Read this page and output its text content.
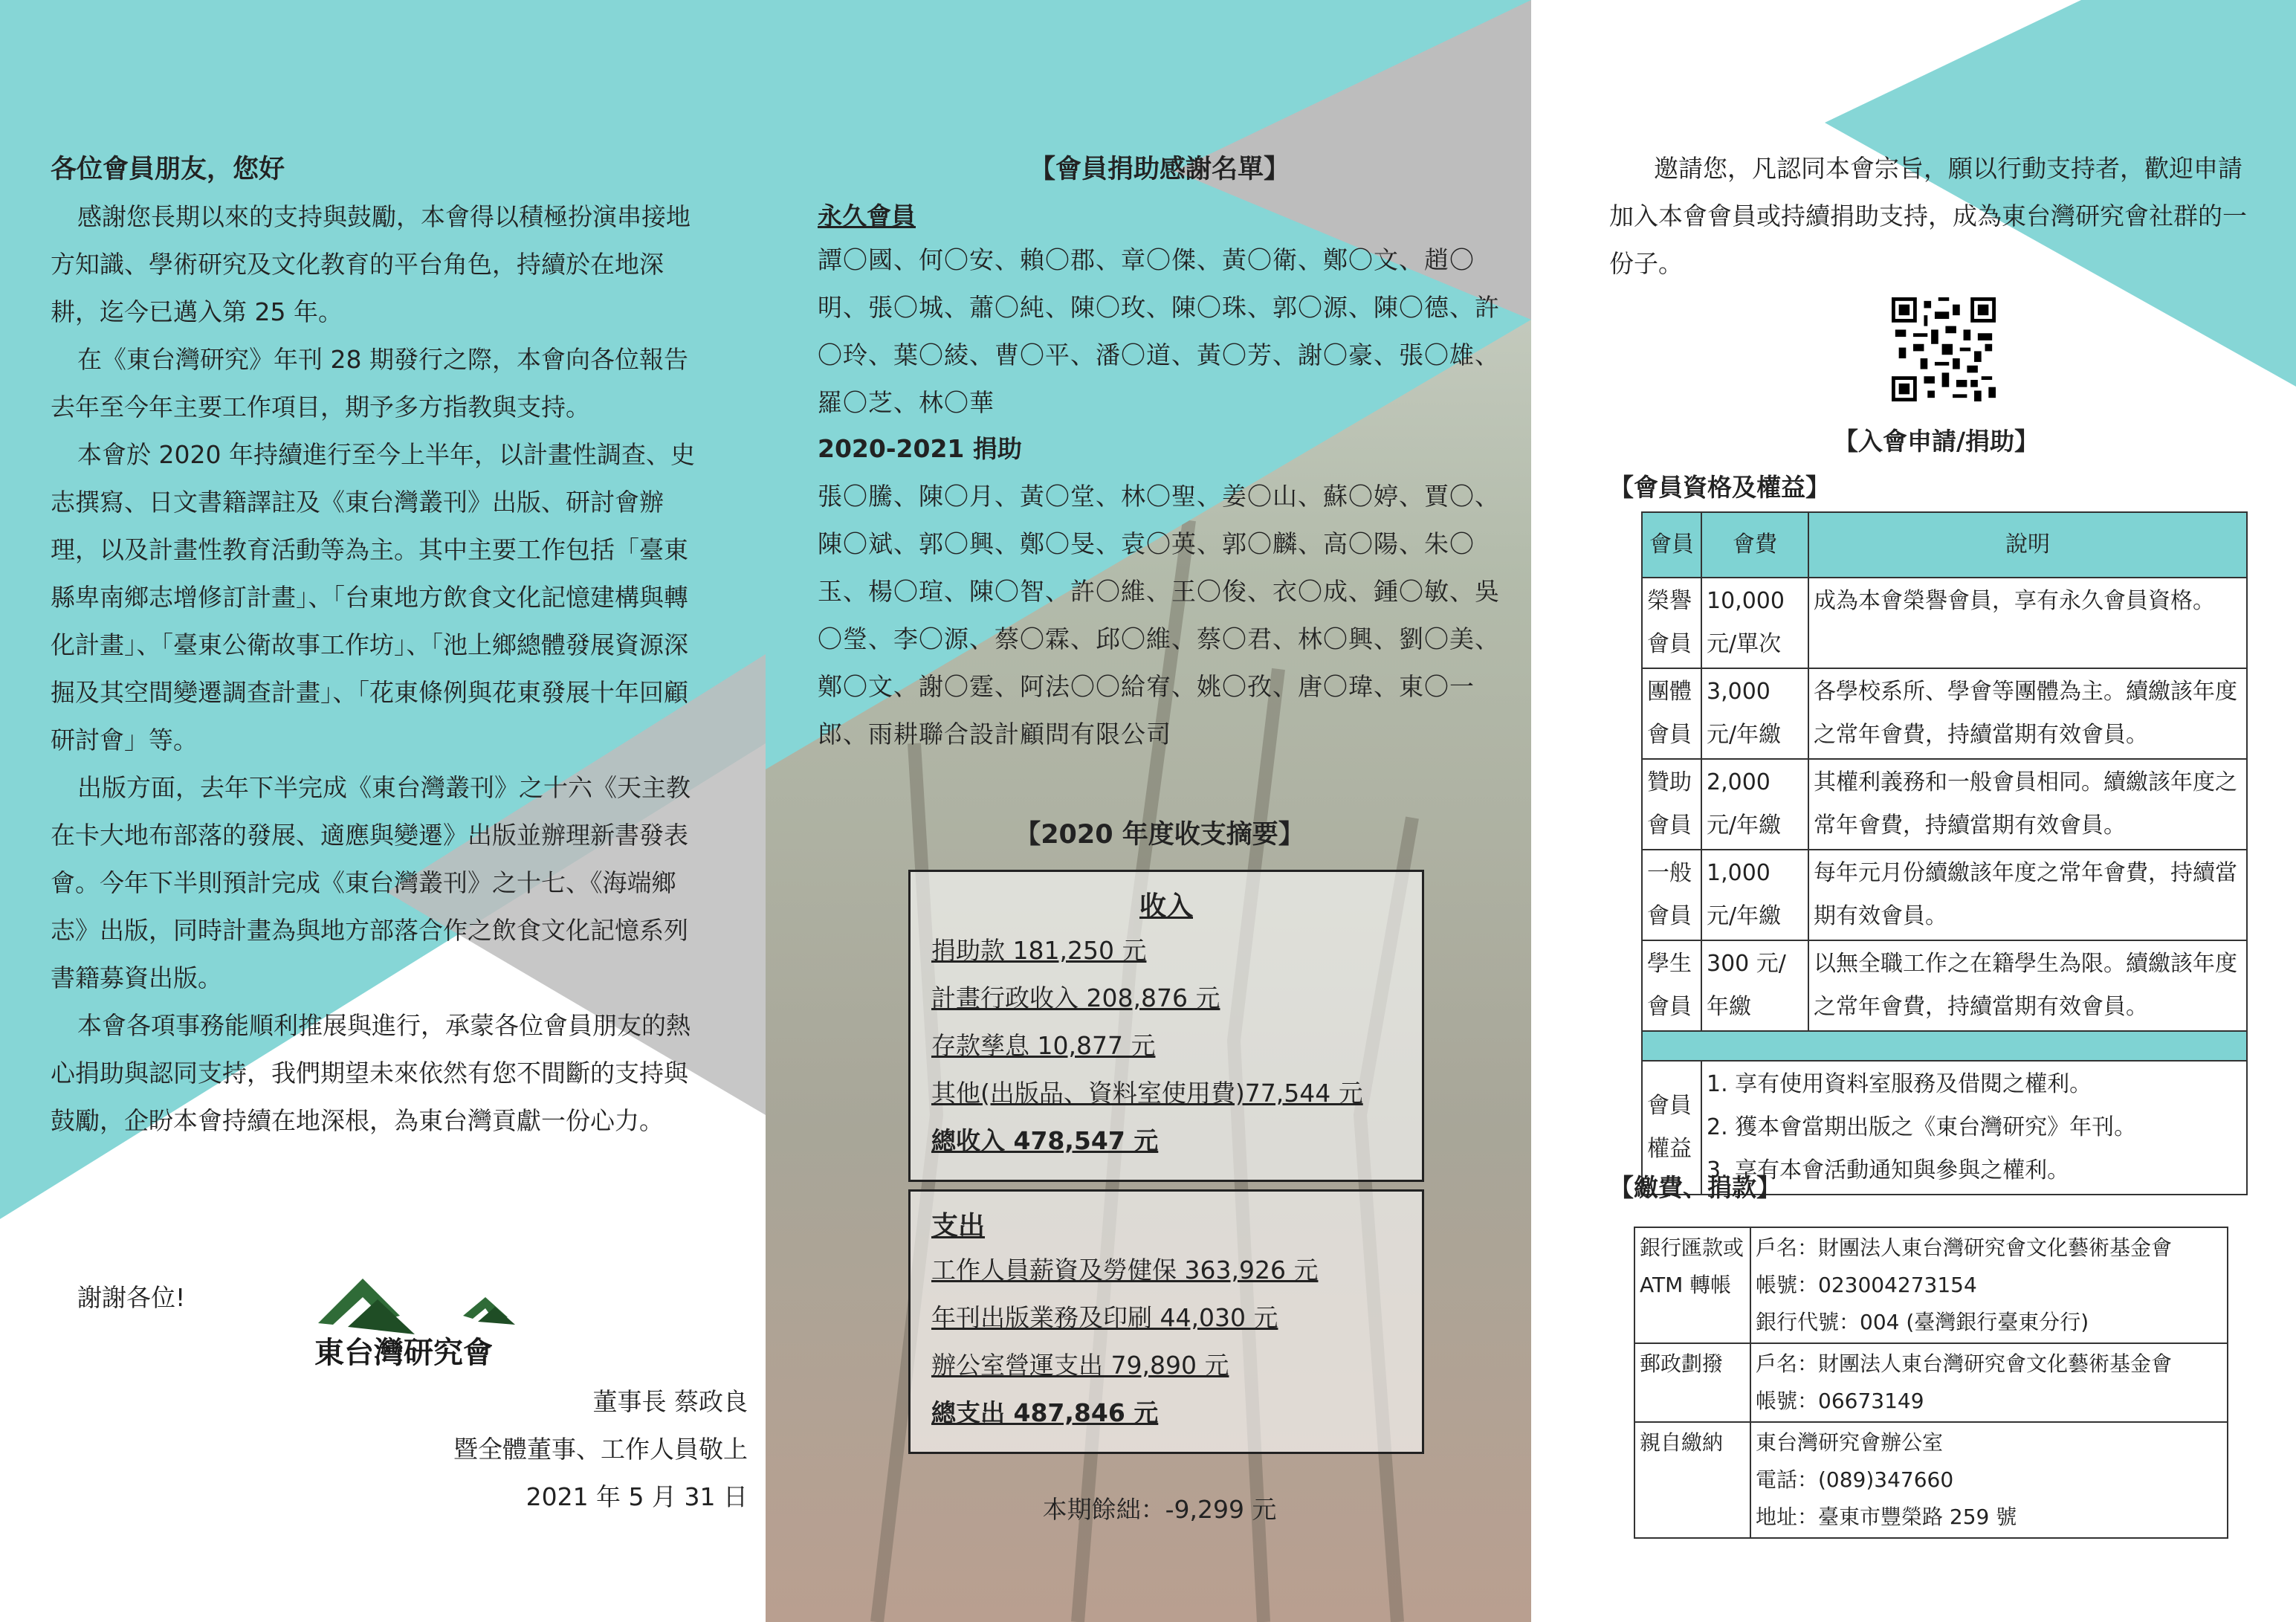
各位會員朋友，您好

感謝您長期以來的支持與鼓勵，本會得以積極扮演串接地方知識、學術研究及文化教育的平台角色，持續於在地深耕，迄今已邁入第 25 年。

在《東台灣研究》年刊 28 期發行之際，本會向各位報告去年至今年主要工作項目，期予多方指教與支持。

本會於 2020 年持續進行至今上半年，以計畫性調查、史志撰寫、日文書籍譯註及《東台灣叢刊》出版、研討會辦理，以及計畫性教育活動等為主。其中主要工作包括「臺東縣卑南鄉志增修訂計畫」、「台東地方飲食文化記憶建構與轉化計畫」、「臺東公衛故事工作坊」、「池上鄉總體發展資源深掘及其空間變遷調查計畫」、「花東條例與花東發展十年回顧研討會」等。

出版方面，去年下半完成《東台灣叢刊》之十六《天主教在卡大地布部落的發展、適應與變遷》出版並辦理新書發表會。今年下半則預計完成《東台灣叢刊》之十七、《海端鄉志》出版，同時計畫為與地方部落合作之飲食文化記憶系列書籍募資出版。

本會各項事務能順利推展與進行，承蒙各位會員朋友的熱心捐助與認同支持，我們期望未來依然有您不間斷的支持與鼓勵，企盼本會持續在地深根，為東台灣貢獻一份心力。

謝謝各位!
東台灣研究會
董事長 蔡政良
暨全體董事、工作人員敬上
2021 年 5 月 31 日
【會員捐助感謝名單】
永久會員
譚〇國、何〇安、賴〇郡、章〇傑、黃〇衛、鄭〇文、趙〇明、張〇城、蕭〇純、陳〇玫、陳〇珠、郭〇源、陳〇德、許〇玲、葉〇綾、曹〇平、潘〇道、黃〇芳、謝〇豪、張〇雄、羅〇芝、林〇華
2020-2021 捐助
張〇騰、陳〇月、黃〇堂、林〇聖、姜〇山、蘇〇婷、賈〇、陳〇斌、郭〇興、鄭〇旻、袁〇英、郭〇麟、高〇陽、朱〇玉、楊〇瑄、陳〇智、許〇維、王〇俊、衣〇成、鍾〇敏、吳〇瑩、李〇源、蔡〇霖、邱〇維、蔡〇君、林〇興、劉〇美、鄭〇文、謝〇霆、阿法〇〇給宥、姚〇孜、唐〇瑋、東〇一郎、雨耕聯合設計顧問有限公司
【2020 年度收支摘要】
收入
捐助款 181,250 元
計畫行政收入 208,876 元
存款孳息 10,877 元
其他(出版品、資料室使用費)77,544 元
總收入 478,547 元
支出
工作人員薪資及勞健保 363,926 元
年刊出版業務及印刷 44,030 元
辦公室營運支出 79,890 元
總支出 487,846 元
本期餘絀：-9,299 元

邀請您，凡認同本會宗旨，願以行動支持者，歡迎申請加入本會會員或持續捐助支持，成為東台灣研究會社群的一份子。

【入會申請/捐助】
【會員資格及權益】
會員	會費	說明
榮譽會員	10,000 元/單次	成為本會榮譽會員，享有永久會員資格。
團體會員	3,000 元/年繳	各學校系所、學會等團體為主。續繳該年度之常年會費，持續當期有效會員。
贊助會員	2,000 元/年繳	其權利義務和一般會員相同。續繳該年度之常年會費，持續當期有效會員。
一般會員	1,000 元/年繳	每年元月份續繳該年度之常年會費，持續當期有效會員。
學生會員	300 元/年繳	以無全職工作之在籍學生為限。續繳該年度之常年會費，持續當期有效會員。

會員權益	1. 享有使用資料室服務及借閱之權利。
2. 獲本會當期出版之《東台灣研究》年刊。
3. 享有本會活動通知與參與之權利。	
【繳費、捐款】
銀行匯款或 ATM 轉帳	戶名：財團法人東台灣研究會文化藝術基金會
帳號：023004273154
銀行代號：004 (臺灣銀行臺東分行)

郵政劃撥	戶名：財團法人東台灣研究會文化藝術基金會
帳號：06673149

親自繳納	東台灣研究會辦公室
電話：(089)347660
地址：臺東市豐榮路 259 號
